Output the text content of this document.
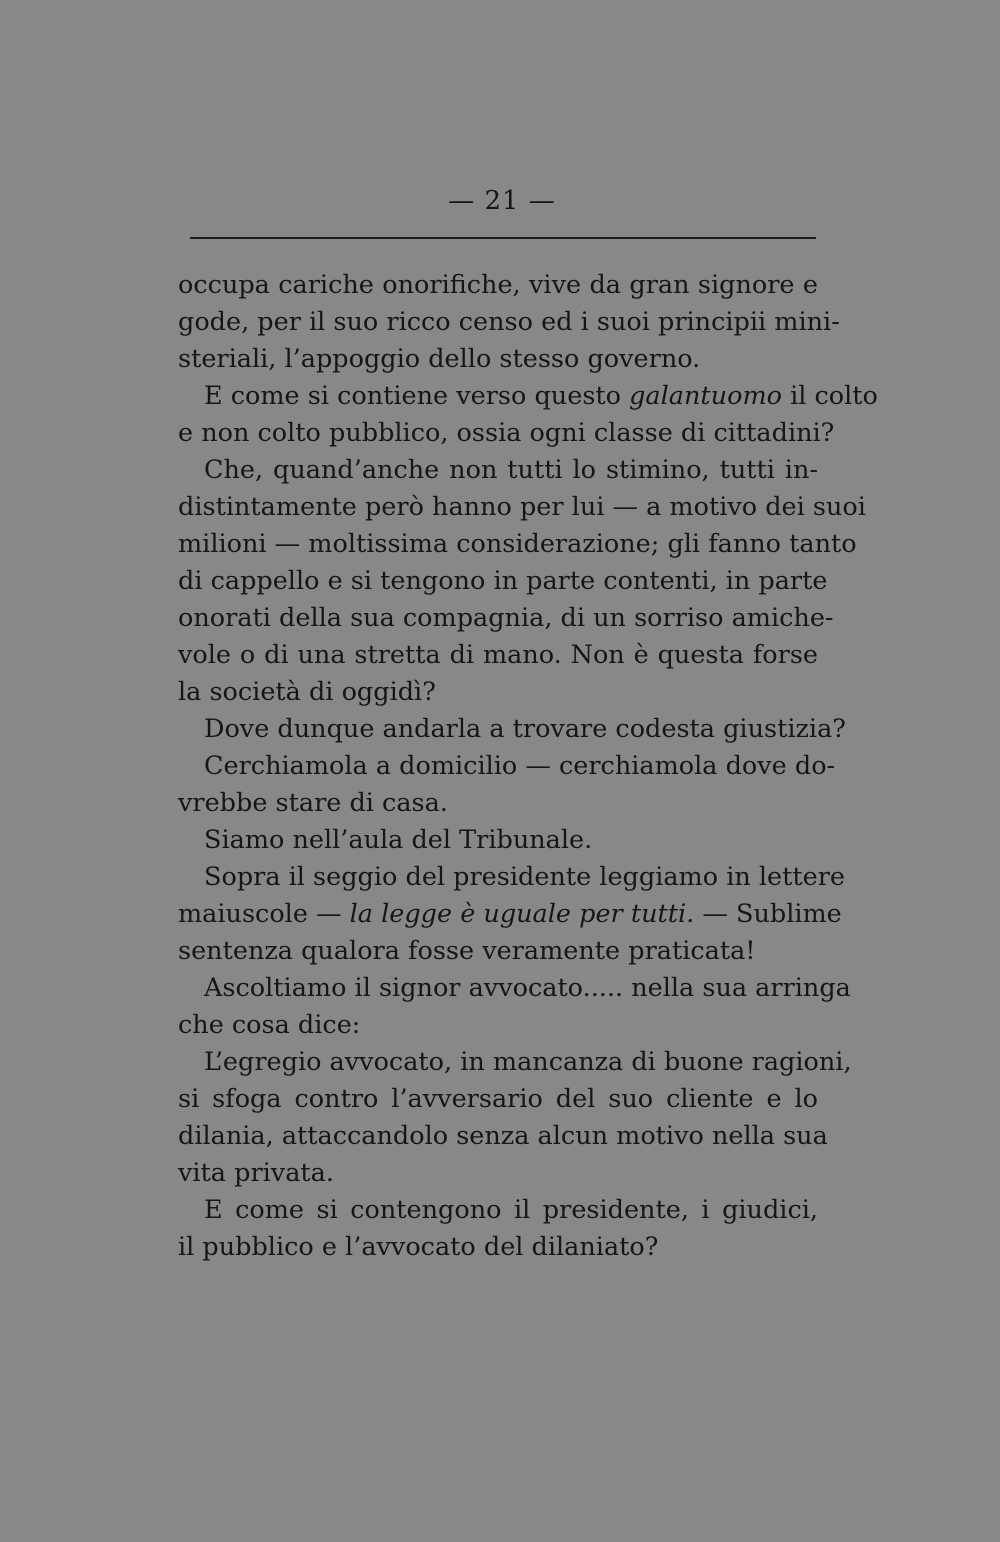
— 21 —
occupa cariche onorifiche, vive da gran signore e
gode, per il suo ricco censo ed i suoi principii mini-
steriali, l’appoggio dello stesso governo.
E come si contiene verso questo galantuomo il colto
e non colto pubblico, ossia ogni classe di cittadini?
Che, quand’anche non tutti lo stimino, tutti in-
distintamente però hanno per lui — a motivo dei suoi
milioni — moltissima considerazione; gli fanno tanto
di cappello e si tengono in parte contenti, in parte
onorati della sua compagnia, di un sorriso amiche-
vole o di una stretta di mano. Non è questa forse
la società di oggidì?
Dove dunque andarla a trovare codesta giustizia?
Cerchiamola a domicilio — cerchiamola dove do-
vrebbe stare di casa.
Siamo nell’aula del Tribunale.
Sopra il seggio del presidente leggiamo in lettere
maiuscole — la legge è uguale per tutti. — Sublime
sentenza qualora fosse veramente praticata!
Ascoltiamo il signor avvocato..... nella sua arringa
che cosa dice:
L’egregio avvocato, in mancanza di buone ragioni,
si sfoga contro l’avversario del suo cliente e lo
dilania, attaccandolo senza alcun motivo nella sua
vita privata.
E come si contengono il presidente, i giudici,
il pubblico e l’avvocato del dilaniato?
